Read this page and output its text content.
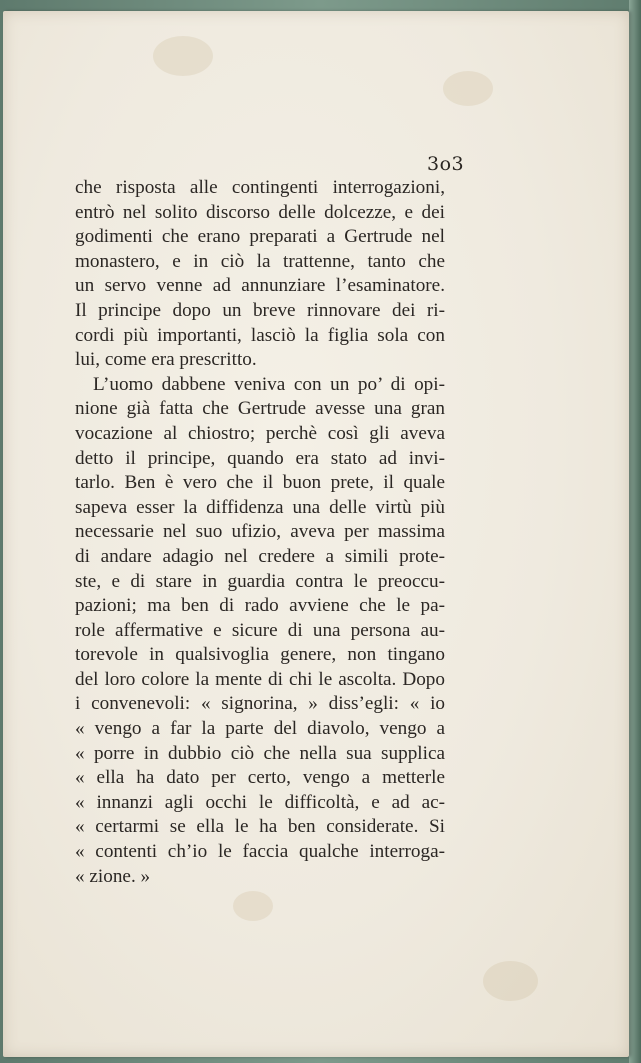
3o3
che risposta alle contingenti interrogazioni,
entrò nel solito discorso delle dolcezze, e dei
godimenti che erano preparati a Gertrude nel
monastero, e in ciò la trattenne, tanto che
un servo venne ad annunziare l’esaminatore.
Il principe dopo un breve rinnovare dei ri-
cordi più importanti, lasciò la figlia sola con
lui, come era prescritto.
L’uomo dabbene veniva con un po’ di opi-
nione già fatta che Gertrude avesse una gran
vocazione al chiostro; perchè così gli aveva
detto il principe, quando era stato ad invi-
tarlo. Ben è vero che il buon prete, il quale
sapeva esser la diffidenza una delle virtù più
necessarie nel suo ufizio, aveva per massima
di andare adagio nel credere a simili prote-
ste, e di stare in guardia contra le preoccu-
pazioni; ma ben di rado avviene che le pa-
role affermative e sicure di una persona au-
torevole in qualsivoglia genere, non tingano
del loro colore la mente di chi le ascolta. Dopo
i convenevoli: « signorina, » diss’egli: « io
« vengo a far la parte del diavolo, vengo a
« porre in dubbio ciò che nella sua supplica
« ella ha dato per certo, vengo a metterle
« innanzi agli occhi le difficoltà, e ad ac-
« certarmi se ella le ha ben considerate. Si
« contenti ch’io le faccia qualche interroga-
« zione. »
